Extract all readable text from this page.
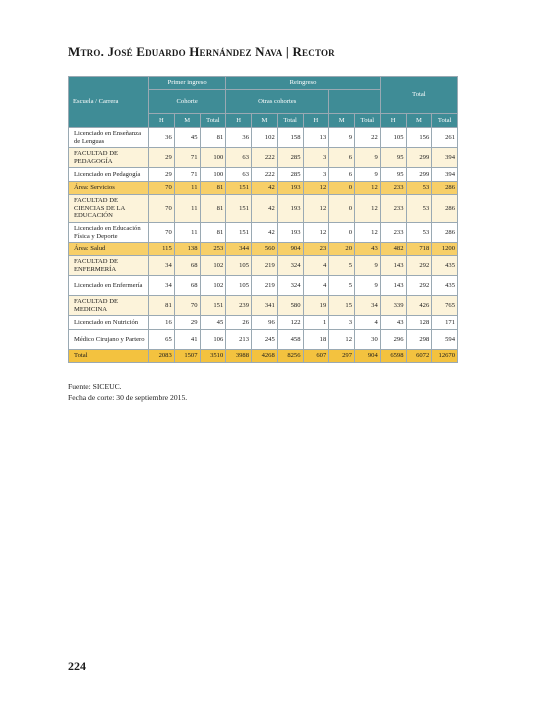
Mtro. José Eduardo Hernández Nava | Rector
Escuela / Carrera	Primer ingreso			Reingreso						Total		
	Cohorte			Otras cohortes								
	H	M	Total	H	M	Total	H	M	Total	H	M	Total
Licenciado en Enseñanza de Lenguas	36	45	81	36	102	158	13	9	22	105	156	261
FACULTAD DE PEDAGOGÍA	29	71	100	63	222	285	3	6	9	95	299	394
Licenciado en Pedagogía	29	71	100	63	222	285	3	6	9	95	299	394
Área: Servicios	70	11	81	151	42	193	12	0	12	233	53	286
FACULTAD DE CIENCIAS DE LA EDUCACIÓN	70	11	81	151	42	193	12	0	12	233	53	286
Licenciado en Educación Física y Deporte	70	11	81	151	42	193	12	0	12	233	53	286
Área: Salud	115	138	253	344	560	904	23	20	43	482	718	1200
FACULTAD DE ENFERMERÍA	34	68	102	105	219	324	4	5	9	143	292	435
Licenciado en Enfermería	34	68	102	105	219	324	4	5	9	143	292	435
FACULTAD DE MEDICINA	81	70	151	239	341	580	19	15	34	339	426	765
Licenciado en Nutrición	16	29	45	26	96	122	1	3	4	43	128	171
Médico Cirujano y Partero	65	41	106	213	245	458	18	12	30	296	298	594
Total	2083	1507	3510	3988	4268	8256	607	297	904	6598	6072	12670
Fuente: SICEUC.
Fecha de corte: 30 de septiembre 2015.
224
